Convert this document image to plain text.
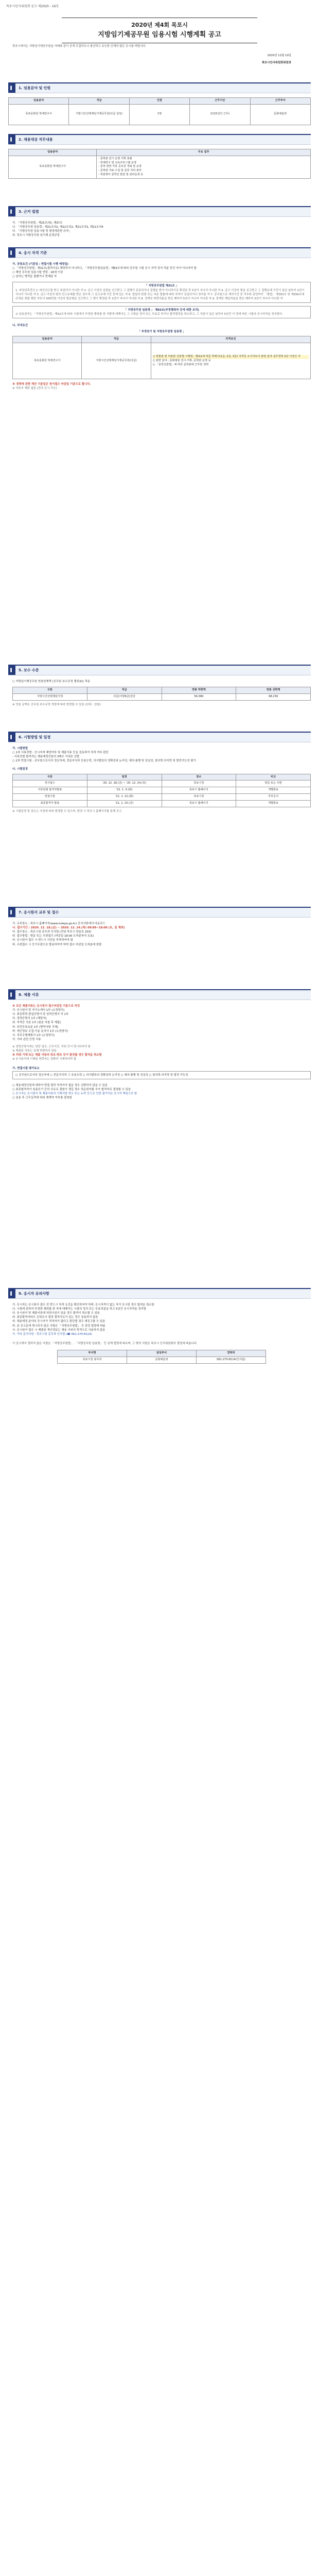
목포시인사위원회 공고 제2020 - 16호
2020년 제4회 목포시
지방임기제공무원 임용시험 시행계획 공고
목포시에서는 지방임기제공무원을 아래와 같이 공개 모집하오니 참신하고 유능한 인재의 많은 응시를 바랍니다.
2020년 12월 10일
목포시인사위원회위원장
▌	1. 임용분야 및 인원
임용분야	직급	인원	근무기간	근무부서
목포문화원 학예연구사	지방시간선택제임기제공무원(다급 상당)	1명	2년(5년간 근무)	문화예술과
▌	2. 채용대상 직무내용
임용분야	주요 업무
목포문화원 학예연구사	- 문학관 전시 운영 기획 총괄
- 학예연구 및 교육프로그램 운영
- 문학 관련 각종 공모전 개최 및 운영
- 문학관 자료 수집 및 분류 처리 관리
- 학술행사 문학인 발굴 및 관리운영 등
▌	3. 근거 법령
가. 「지방공무원법」제25조의5, 제37조
나. 「지방공무원 임용령」제21조의2, 제22조의2, 제21조의3, 제21조의4
다. 「지방공무원 임용시험 및 평정에관한 규칙」
라. 목포시 지방공무원 임기제 운영규정
▌	4. 응시 자격 기준
가. 공통요건 (기준일 : 면접시험 시행 예정일)
○ 「지방공무원법」제31조(결격사유) 해당하지 아니하고, 「지방공무원임용령」제65조에 따라 공무원 시험 응시 자격 정지 처분 중인 자가 아니어야 함
○ 해당 공무원 임용시험 연령 : 18세 이상
○ 남자는 병역을 필했거나 면제된 자
「 지방공무원법 제31조 」
1. 피성년후견인 2. 파산선고를 받고 복권되지 아니한 자 3. 금고 이상의 실형을 선고받고 그 집행이 종료되거나 집행을 받지 아니하기로 확정된 후 5년이 지나지 아니한 자 4. 금고 이상의 형을 선고받고 그 집행유예 기간이 끝난 날부터 2년이 지나지 아니한 자 5. 금고 이상의 형의 선고유예를 받은 경우에 그 선고유예 기간 중에 있는 자 6. 법원의 판결 또는 다른 법률에 따라 자격이 상실되거나 정지된 자 7. 공무원으로 재직기간 중 직무와 관련하여 「형법」 제355조 및 제356조에 규정된 죄를 범한 자로서 300만원 이상의 벌금형을 선고받고 그 형이 확정된 후 2년이 지나지 아니한 자 8. 징계로 파면처분을 받은 때부터 5년이 지나지 아니한 자 9. 징계로 해임처분을 받은 때부터 3년이 지나지 아니한 자
「 지방공무원 임용령 」 제65조(부정행위자 등에 대한 조치)
① 임용권자는 「지방공무원법」제42조에 따라 시험에서 부정한 행위를 한 사람에 대해서는 그 시험을 정지 또는 무효로 하거나 합격결정을 취소하고, 그 처분이 있은 날부터 5년간 이 영에 따른 시험의 응시자격을 정지한다.
나. 자격요건
「 부정당기 및 지방공무원령 임용령 」
임용분야	직급	자격요건
목포문화원 학예연구사	지방시간선택제임기제공무원(다급)	○ 박물관 및 미술관 진흥법 시행령」별표1에 따른 학예사(1급, 2급, 3급) 자격증 소지자로서 관련 분야 실무경력 2년 이상인 자
○ 관련 분야 : 문화예술 전시·기획, 문학관 운영 등
○ 「문학진흥법」에 따른 문학관에 근무한 경력
※ 경력에 관한 계산 기준일은 원서접수 마감일 기준으로 합니다.
※ 거주지 제한 없음 (전국 응시 가능)
▌	5. 보수 수준
○ 지방임기제공무원 연봉한계액 (공무원 보수규정 별표32) 적용
구분	직급	연봉 하한액	연봉 상한액
지방시간선택제임기제	다급(지방6급)상당	56,380	98,159
※ 연봉 금액은 공무원 보수규정 개정에 따라 변경될 수 있음 (단위 : 천원)
▌	6. 시험방법 및 일정
가. 시험방법
○ 1차 서류전형 : 응시자격 해당여부 및 제출서류 등을 검토하여 적격 여부 판단
- 서류전형 합격자는 채용예정인원의 3배수 이내로 선발
○ 2차 면접시험 : 공무원으로서의 정신자세, 전문지식과 응용능력, 의사발표의 정확성과 논리성, 예의·품행 및 성실성, 창의력·의지력 및 발전가능성 평가
나. 시험일정
구분	일정	장소	비고
원서접수	'20. 12. 18.(금) ~ '20. 12. 24.(목)	목포시청	방문 또는 우편
서류전형 합격자발표	'21. 1. 5.(화)	목포시 홈페이지	개별통보
면접시험	'21. 1. 12.(화)	목포시청	추후공지
최종합격자 발표	'21. 1. 15.(금)	목포시 홈페이지	개별통보
※ 시험일정 및 장소는 사정에 따라 변경될 수 있으며, 변경 시 목포시 홈페이지를 통해 공고
▌	7. 응시원서 교부 및 접수
가. 교부장소 : 목포시 홈페이지(www.mokpo.go.kr) 공지사항에서 다운로드
나. 접수기간 : 2020. 12. 18.(금) ~ 2020. 12. 24.(목) 09:00~18:00 (토, 일 제외)
다. 접수장소 : 목포시청 총무과 인사팀 (전남 목포시 양을로 203)
라. 접수방법 : 방문 또는 우편접수 (마감일 18:00 도착분까지 유효)
마. 응시원서 접수 시 반드시 사진을 부착하여야 함
바. 우편접수 시 등기우편으로 발송하여야 하며 접수 마감일 도착분에 한함
▌	8. 제출 서류
※ 모든 제출서류는 응시원서 접수마감일 기준으로 작성
가. 응시원서 및 자기소개서 1부 (소정양식)
나. 최종학력 졸업증명서 및 성적증명서 각 1부
다. 경력증명서 1부 (해당자)
라. 자격증 사본 1부 (원본 지참 후 제출)
마. 주민등록초본 1부 (병역사항 기재)
바. 개인정보 수집·이용 동의서 1부 (소정양식)
사. 직무수행계획서 1부 (소정양식)
아. 기타 관련 증빙 서류
※ 경력증명서에는 담당 업무, 근무기간, 직위 등이 명시되어야 함
※ 제출된 서류는 일체 반환하지 않음
※ 허위 기재 또는 제출 서류의 위조·변조 등이 발견될 경우 합격을 취소함
※ 응시원서에 기재된 연락처는 정확히 기재하여야 함
가. 면접시험 평가요소
○ 공무원으로서의 정신자세 ○ 전문지식과 그 응용능력 ○ 의사발표의 정확성과 논리성 ○ 예의·품행 및 성실성 ○ 창의력·의지력 및 발전 가능성
○ 채용예정인원에 대하여 면접 결과 적격자가 없을 경우 선발하지 않을 수 있음
○ 최종합격자가 임용포기 등의 사유로 결원이 생길 경우 차순위자를 추가 합격자로 결정할 수 있음
○ 응시자는 응시원서 및 제출서류의 기재사항 착오 또는 누락 등으로 인한 불이익은 응시자 책임으로 함
○ 임용 후 근무실적에 따라 재계약 여부를 결정함
▌	9. 응시자 유의사항
가. 응시자는 응시원서 접수 전 반드시 자격 요건을 확인하여야 하며, 응시자격이 없는 자가 응시한 경우 합격을 취소함
나. 시험에 관하여 부정한 행위를 한 자에 대해서는 시험의 정지 또는 무효처분을 하고 5년간 응시자격을 정지함
다. 응시원서 및 제출서류에 허위사실이 있을 경우 합격이 취소될 수 있음
라. 최종합격자라도 신원조사 결과 결격사유가 있는 경우 임용하지 않음
마. 채용예정 분야의 응시자가 적격자가 없다고 판단될 경우 재공고할 수 있음
바. 본 공고문에 명시되지 않은 사항은 「지방공무원법」 등 관련 법령에 따름
사. 응시원서 접수 시 제출된 개인정보는 채용 이외의 목적으로 사용하지 않음
아. 기타 문의사항 : 목포시청 총무과 인사팀 (☎ 061-270-8114)
이 공고에서 정하지 않은 사항은 「지방공무원법」, 「지방공무원 임용령」 등 관계 법령에 따르며, 그 밖의 사항은 목포시 인사위원회의 결정에 따릅니다.
부서명	담당부서	연락처
목포시청 총무과	문화예술과	061-270-8114(인사팀)
